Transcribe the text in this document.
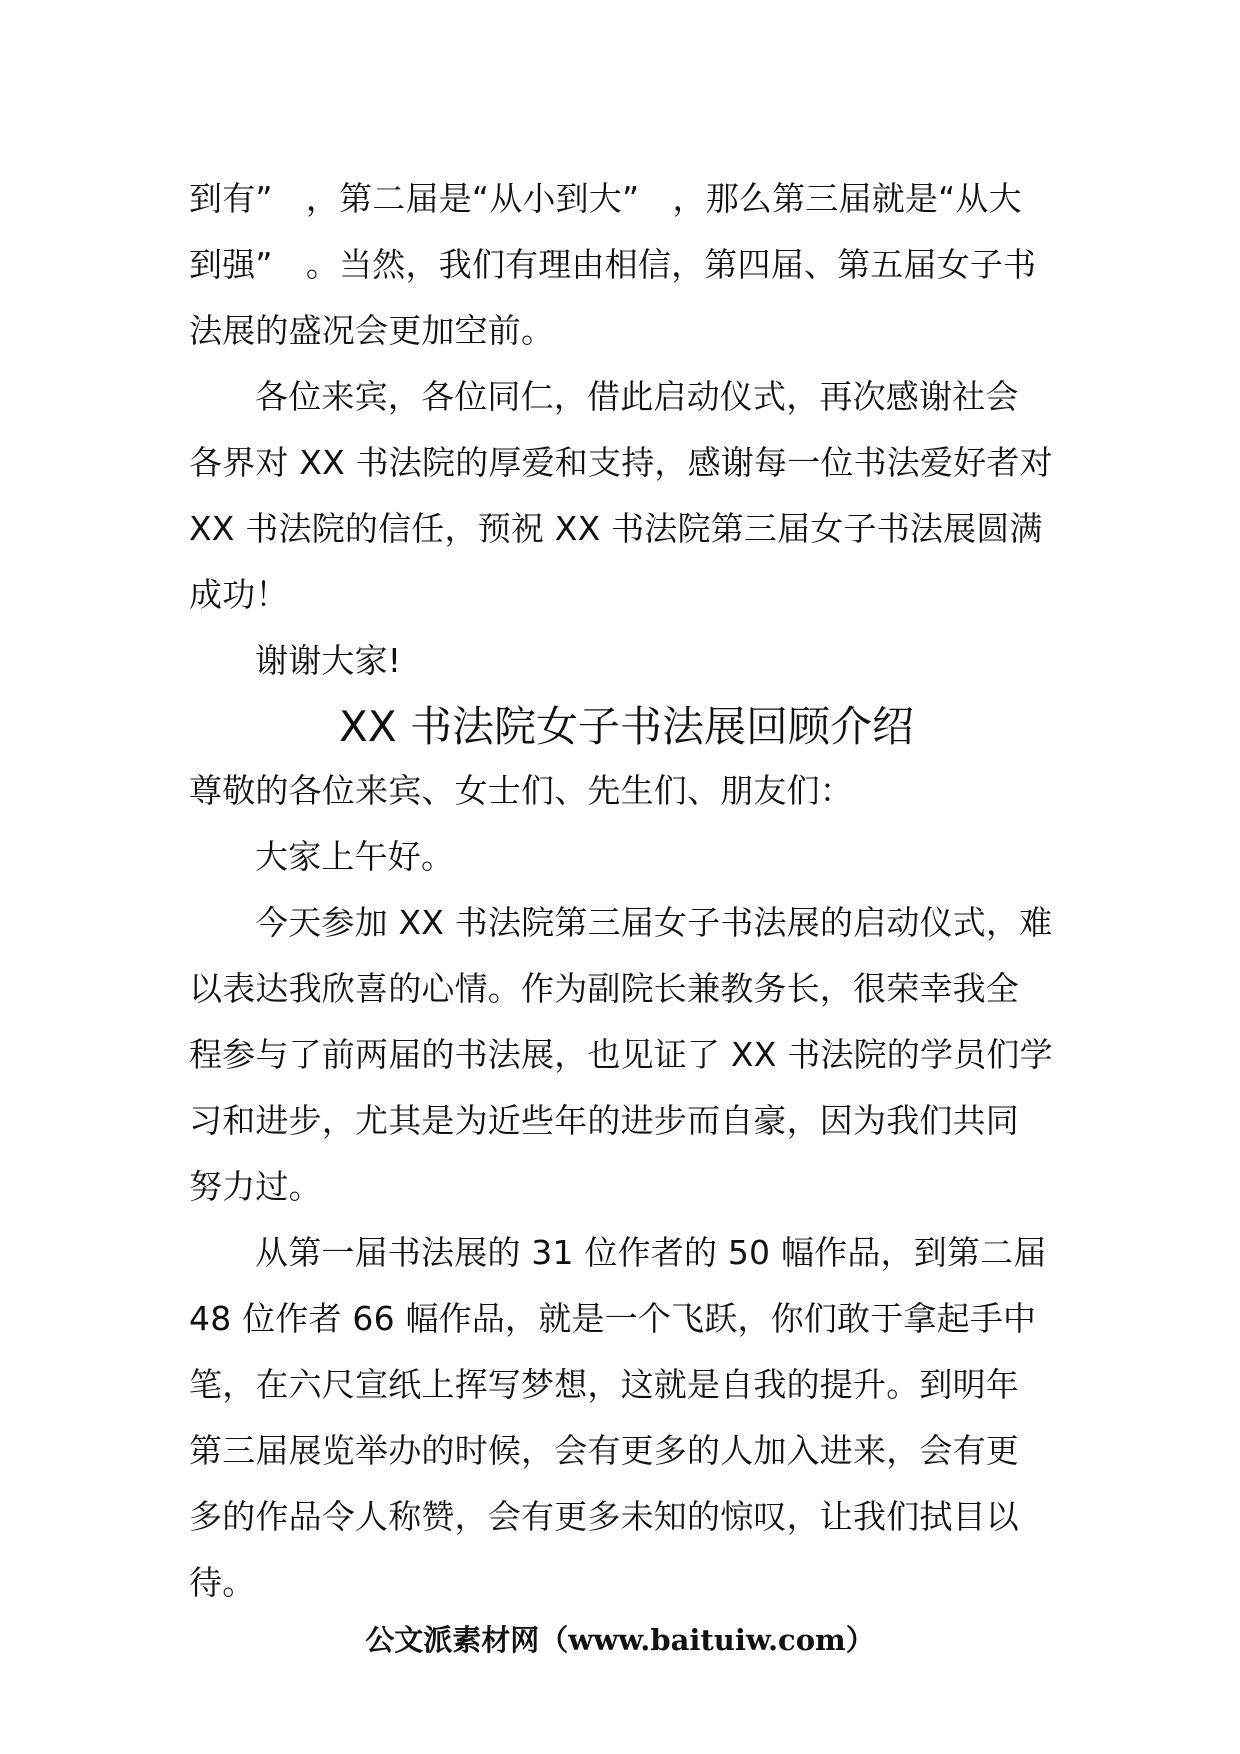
到有”　，第二届是“从小到大”　，那么第三届就是“从大
到强”　。当然，我们有理由相信，第四届、第五届女子书
法展的盛况会更加空前。
各位来宾，各位同仁，借此启动仪式，再次感谢社会
各界对 XX 书法院的厚爱和支持，感谢每一位书法爱好者对
XX 书法院的信任，预祝 XX 书法院第三届女子书法展圆满
成功！
谢谢大家!
XX 书法院女子书法展回顾介绍
尊敬的各位来宾、女士们、先生们、朋友们：
大家上午好。
今天参加 XX 书法院第三届女子书法展的启动仪式，难
以表达我欣喜的心情。作为副院长兼教务长，很荣幸我全
程参与了前两届的书法展，也见证了 XX 书法院的学员们学
习和进步，尤其是为近些年的进步而自豪，因为我们共同
努力过。
从第一届书法展的 31 位作者的 50 幅作品，到第二届
48 位作者 66 幅作品，就是一个飞跃，你们敢于拿起手中
笔，在六尺宣纸上挥写梦想，这就是自我的提升。到明年
第三届展览举办的时候，会有更多的人加入进来，会有更
多的作品令人称赞，会有更多未知的惊叹，让我们拭目以
待。
公文派素材网（www.baituiw.com）
